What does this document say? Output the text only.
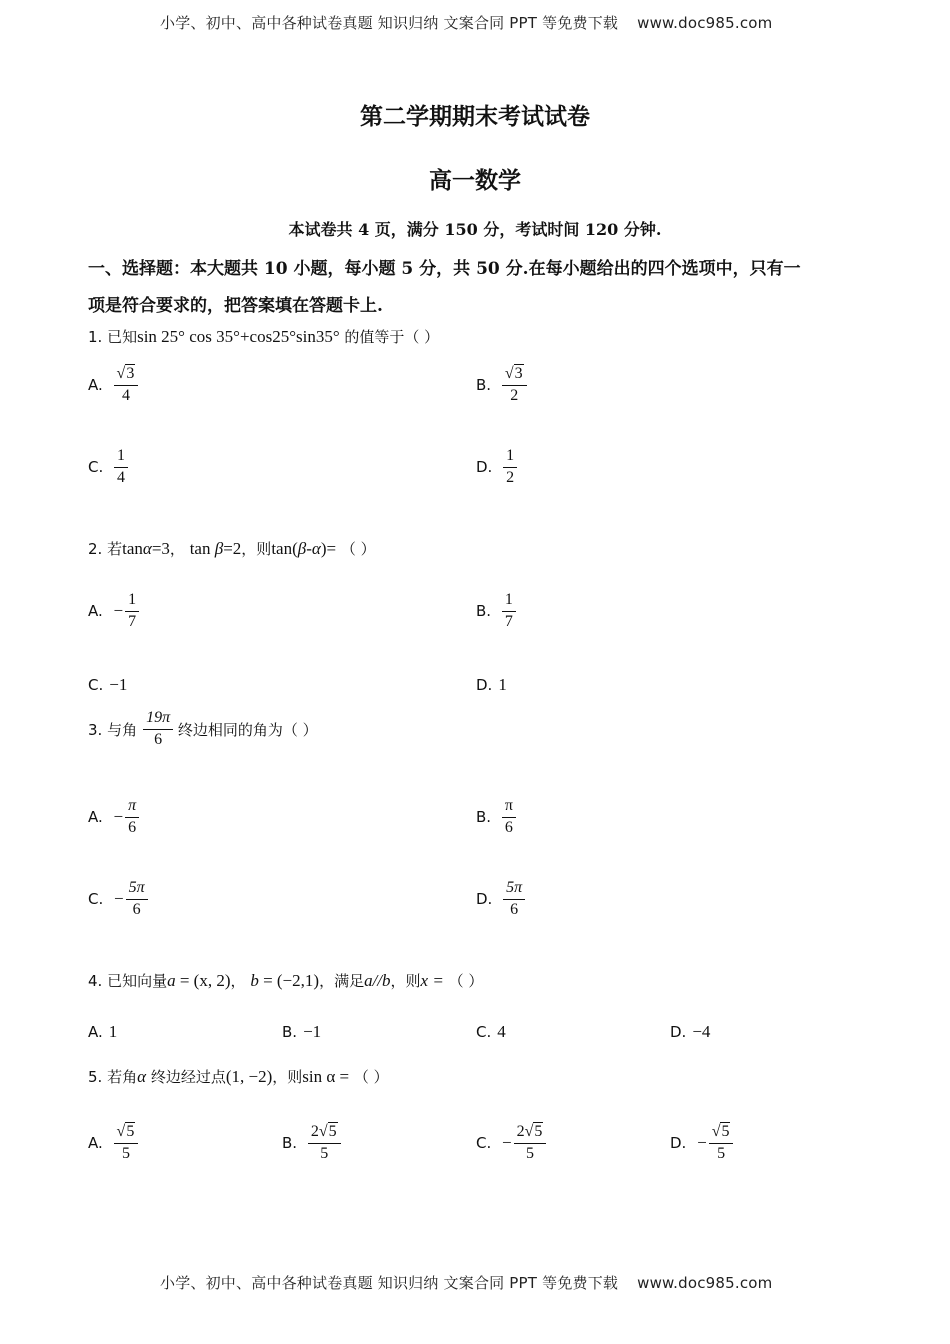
小学、初中、高中各种试卷真题 知识归纳 文案合同 PPT 等免费下载 www.doc985.com
第二学期期末考试试卷
高一数学
本试卷共 4 页，满分 150 分，考试时间 120 分钟.
一、选择题：本大题共 10 小题，每小题 5 分，共 50 分.在每小题给出的四个选项中，只有一
项是符合要求的，把答案填在答题卡上.
1. 已知sin 25° cos 35°+cos25°sin35° 的值等于（ ）
A. $\frac{√3}{4}$	B. $\frac{√3}{2}$
C. $\frac{1}{4}$	D. $\frac{1}{2}$
2. 若tanα=3， tan β=2，则tan(β-α)= （ ）
A. − $\frac{1}{7}$	B. $\frac{1}{7}$
C. −1	D. 1
3. 与角 $\frac{19\pi}{6}$ 终边相同的角为（ ）
A. − $\frac{\pi}{6}$	B. $\frac{\pi}{6}$
C. − $\frac{5\pi}{6}$	D. $\frac{5\pi}{6}$
4. 已知向量a = (x, 2)， b = (−2,1)，满足a//b，则x = （ ）
A. 1	B. −1	C. 4	D. −4
5. 若角α 终边经过点(1, −2)，则sin α = （ ）
A. $\frac{√5}{5}$	B. $\frac{2√5}{5}$	C. − $\frac{2√5}{5}$	D. − $\frac{√5}{5}$
小学、初中、高中各种试卷真题 知识归纳 文案合同 PPT 等免费下载 www.doc985.com
